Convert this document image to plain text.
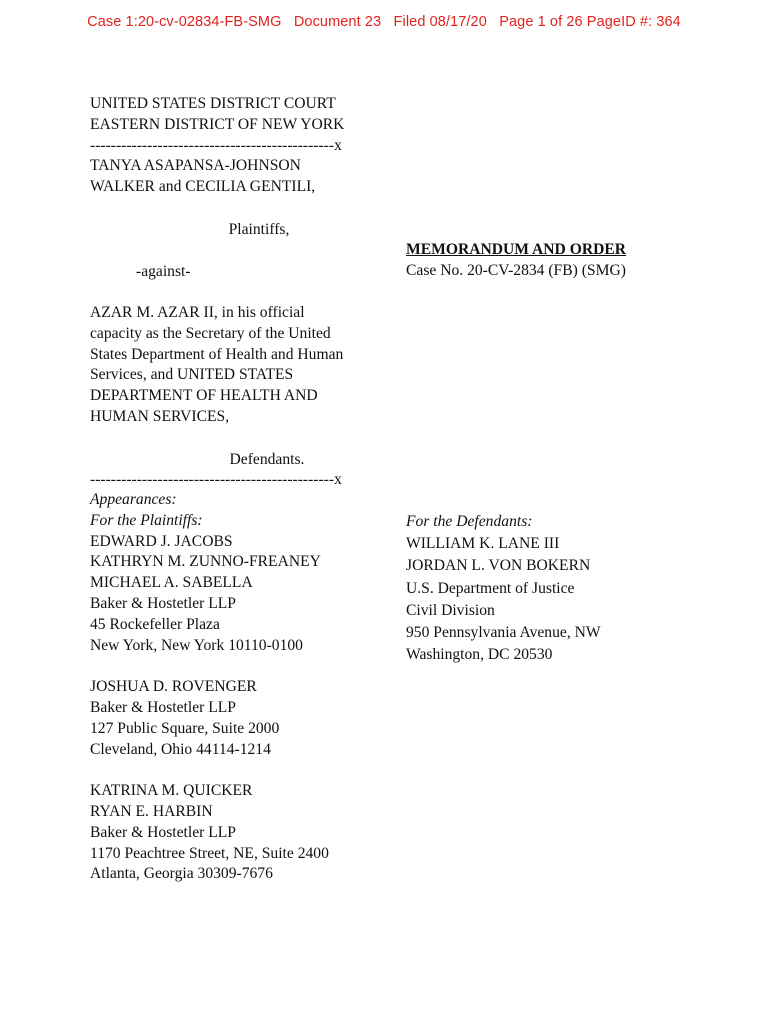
Case 1:20-cv-02834-FB-SMG   Document 23   Filed 08/17/20   Page 1 of 26 PageID #: 364
UNITED STATES DISTRICT COURT
EASTERN DISTRICT OF NEW YORK
-----------------------------------------------x
TANYA ASAPANSA-JOHNSON
WALKER and CECILIA GENTILI,
Plaintiffs,
-against-
AZAR M. AZAR II, in his official
capacity as the Secretary of the United
States Department of Health and Human
Services, and UNITED STATES
DEPARTMENT OF HEALTH AND
HUMAN SERVICES,
Defendants.
-----------------------------------------------x
MEMORANDUM AND ORDER
Case No. 20-CV-2834 (FB) (SMG)
Appearances:
For the Plaintiffs:
EDWARD J. JACOBS
KATHRYN M. ZUNNO-FREANEY
MICHAEL A. SABELLA
Baker & Hostetler LLP
45 Rockefeller Plaza
New York, New York 10110-0100
JOSHUA D. ROVENGER
Baker & Hostetler LLP
127 Public Square, Suite 2000
Cleveland, Ohio 44114-1214
KATRINA M. QUICKER
RYAN E. HARBIN
Baker & Hostetler LLP
1170 Peachtree Street, NE, Suite 2400
Atlanta, Georgia 30309-7676
For the Defendants:
WILLIAM K. LANE III
JORDAN L. VON BOKERN
U.S. Department of Justice
Civil Division
950 Pennsylvania Avenue, NW
Washington, DC 20530
